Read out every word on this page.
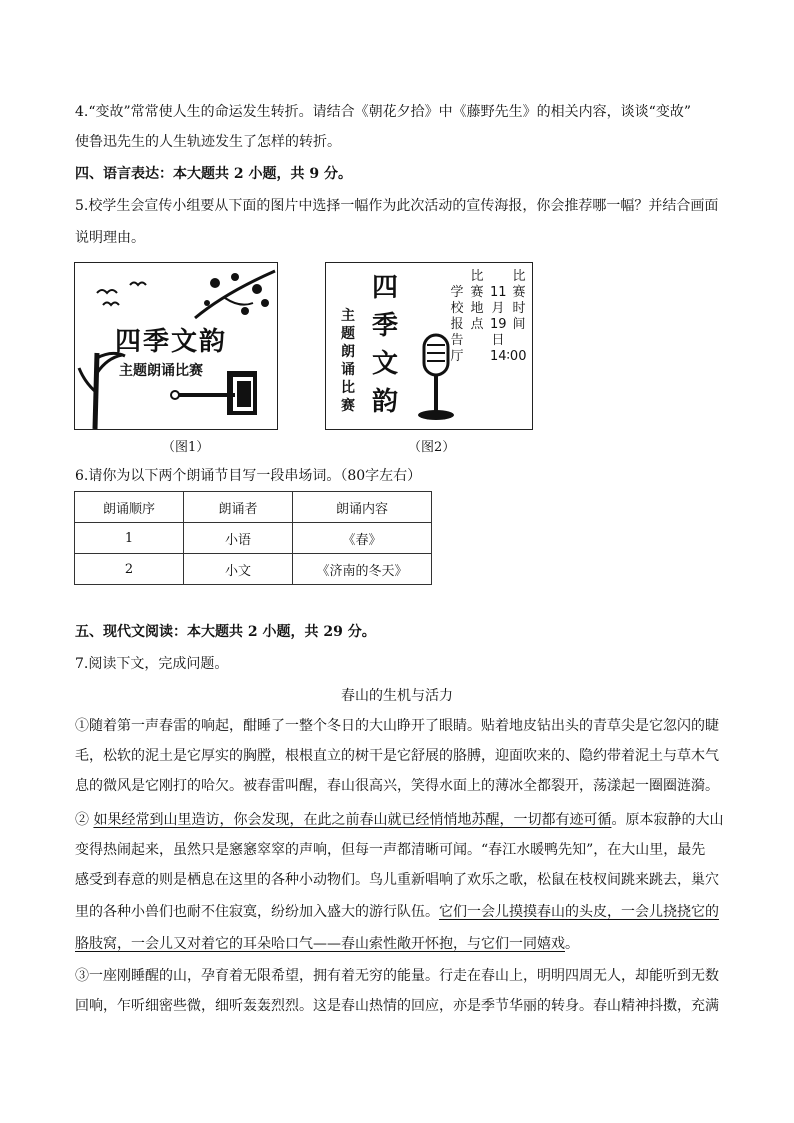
4.“变故”常常使人生的命运发生转折。请结合《朝花夕拾》中《藤野先生》的相关内容，谈谈“变故”
使鲁迅先生的人生轨迹发生了怎样的转折。
四、语言表达：本大题共 2 小题，共 9 分。
5.校学生会宣传小组要从下面的图片中选择一幅作为此次活动的宣传海报，你会推荐哪一幅？并结合画面
说明理由。
四季文韵
主题朗诵比赛
（图1）
四
季
文
韵
主
题
朗
诵
比
赛
学校报告厅
比赛地点
11月19日14∶00
比赛时间
（图2）
6.请你为以下两个朗诵节目写一段串场词。（80字左右）
朗诵顺序	朗诵者	朗诵内容
1	小语	《春》
2	小文	《济南的冬天》
五、现代文阅读：本大题共 2 小题，共 29 分。
7.阅读下文，完成问题。
春山的生机与活力
①随着第一声春雷的响起，酣睡了一整个冬日的大山睁开了眼睛。贴着地皮钻出头的青草尖是它忽闪的睫
毛，松软的泥土是它厚实的胸膛，根根直立的树干是它舒展的胳膊，迎面吹来的、隐约带着泥土与草木气
息的微风是它刚打的哈欠。被春雷叫醒，春山很高兴，笑得水面上的薄冰全都裂开，荡漾起一圈圈涟漪。
② 如果经常到山里造访，你会发现，在此之前春山就已经悄悄地苏醒，一切都有迹可循。原本寂静的大山
变得热闹起来，虽然只是窸窸窣窣的声响，但每一声都清晰可闻。“春江水暖鸭先知”，在大山里，最先
感受到春意的则是栖息在这里的各种小动物们。鸟儿重新唱响了欢乐之歌，松鼠在枝杈间跳来跳去，巢穴
里的各种小兽们也耐不住寂寞，纷纷加入盛大的游行队伍。它们一会儿摸摸春山的头皮，一会儿挠挠它的
胳肢窝，一会儿又对着它的耳朵哈口气——春山索性敞开怀抱，与它们一同嬉戏。
③一座刚睡醒的山，孕育着无限希望，拥有着无穷的能量。行走在春山上，明明四周无人，却能听到无数
回响，乍听细密些微，细听轰轰烈烈。这是春山热情的回应，亦是季节华丽的转身。春山精神抖擞，充满
